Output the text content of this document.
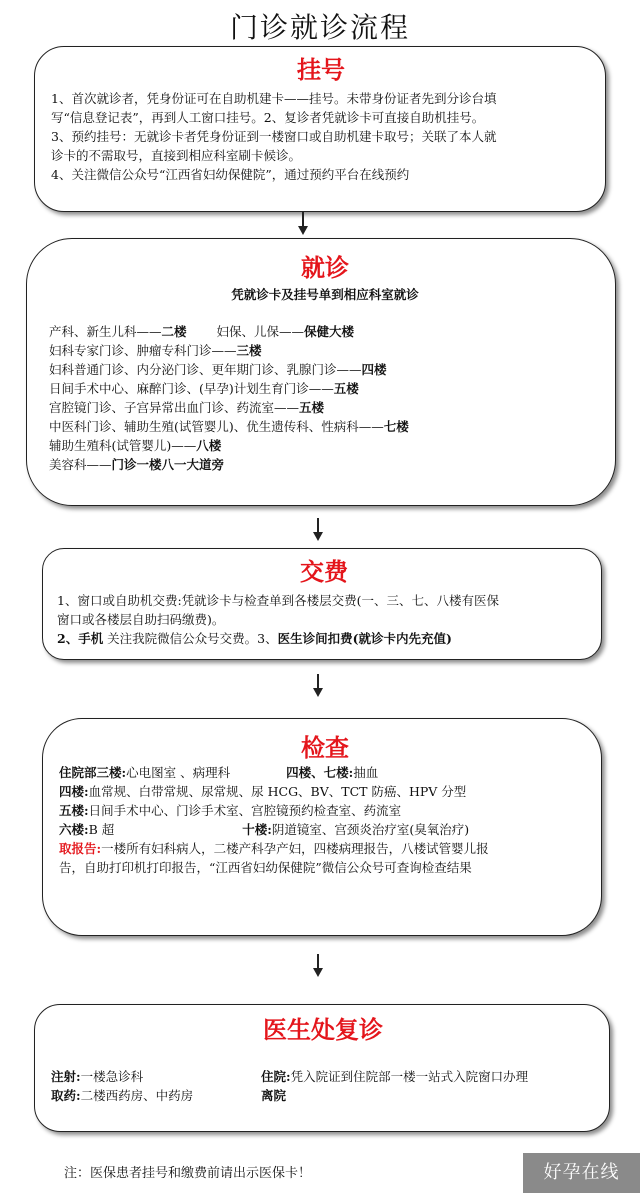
门诊就诊流程
挂号
1、首次就诊者，凭身份证可在自助机建卡——挂号。未带身份证者先到分诊台填
写“信息登记表”，再到人工窗口挂号。2、复诊者凭就诊卡可直接自助机挂号。
3、预约挂号：无就诊卡者凭身份证到一楼窗口或自助机建卡取号；关联了本人就
诊卡的不需取号，直接到相应科室刷卡候诊。
4、关注微信公众号“江西省妇幼保健院”，通过预约平台在线预约
就诊
凭就诊卡及挂号单到相应科室就诊
产科、新生儿科——二楼 妇保、儿保——保健大楼
妇科专家门诊、肿瘤专科门诊——三楼
妇科普通门诊、内分泌门诊、更年期门诊、乳腺门诊——四楼
日间手术中心、麻醉门诊、(早孕)计划生育门诊——五楼
宫腔镜门诊、子宫异常出血门诊、药流室——五楼
中医科门诊、辅助生殖(试管婴儿)、优生遗传科、性病科——七楼
辅助生殖科(试管婴儿)——八楼
美容科——门诊一楼八一大道旁
交费
1、窗口或自助机交费:凭就诊卡与检查单到各楼层交费(一、三、七、八楼有医保
窗口或各楼层自助扫码缴费)。
2、手机 关注我院微信公众号交费。3、医生诊间扣费(就诊卡内先充值)
检查
住院部三楼:心电图室 、病理科	四楼、七楼:抽血
四楼:血常规、白带常规、尿常规、尿 HCG、BV、TCT 防癌、HPV 分型
五楼:日间手术中心、门诊手术室、宫腔镜预约检查室、药流室
六楼:B 超	十楼:阴道镜室、宫颈炎治疗室(臭氧治疗)
取报告:一楼所有妇科病人，二楼产科孕产妇，四楼病理报告，八楼试管婴儿报
告，自助打印机打印报告，“江西省妇幼保健院”微信公众号可查询检查结果
医生处复诊
注射:一楼急诊科	住院:凭入院证到住院部一楼一站式入院窗口办理
取药:二楼西药房、中药房	离院
注：医保患者挂号和缴费前请出示医保卡！	好孕在线
